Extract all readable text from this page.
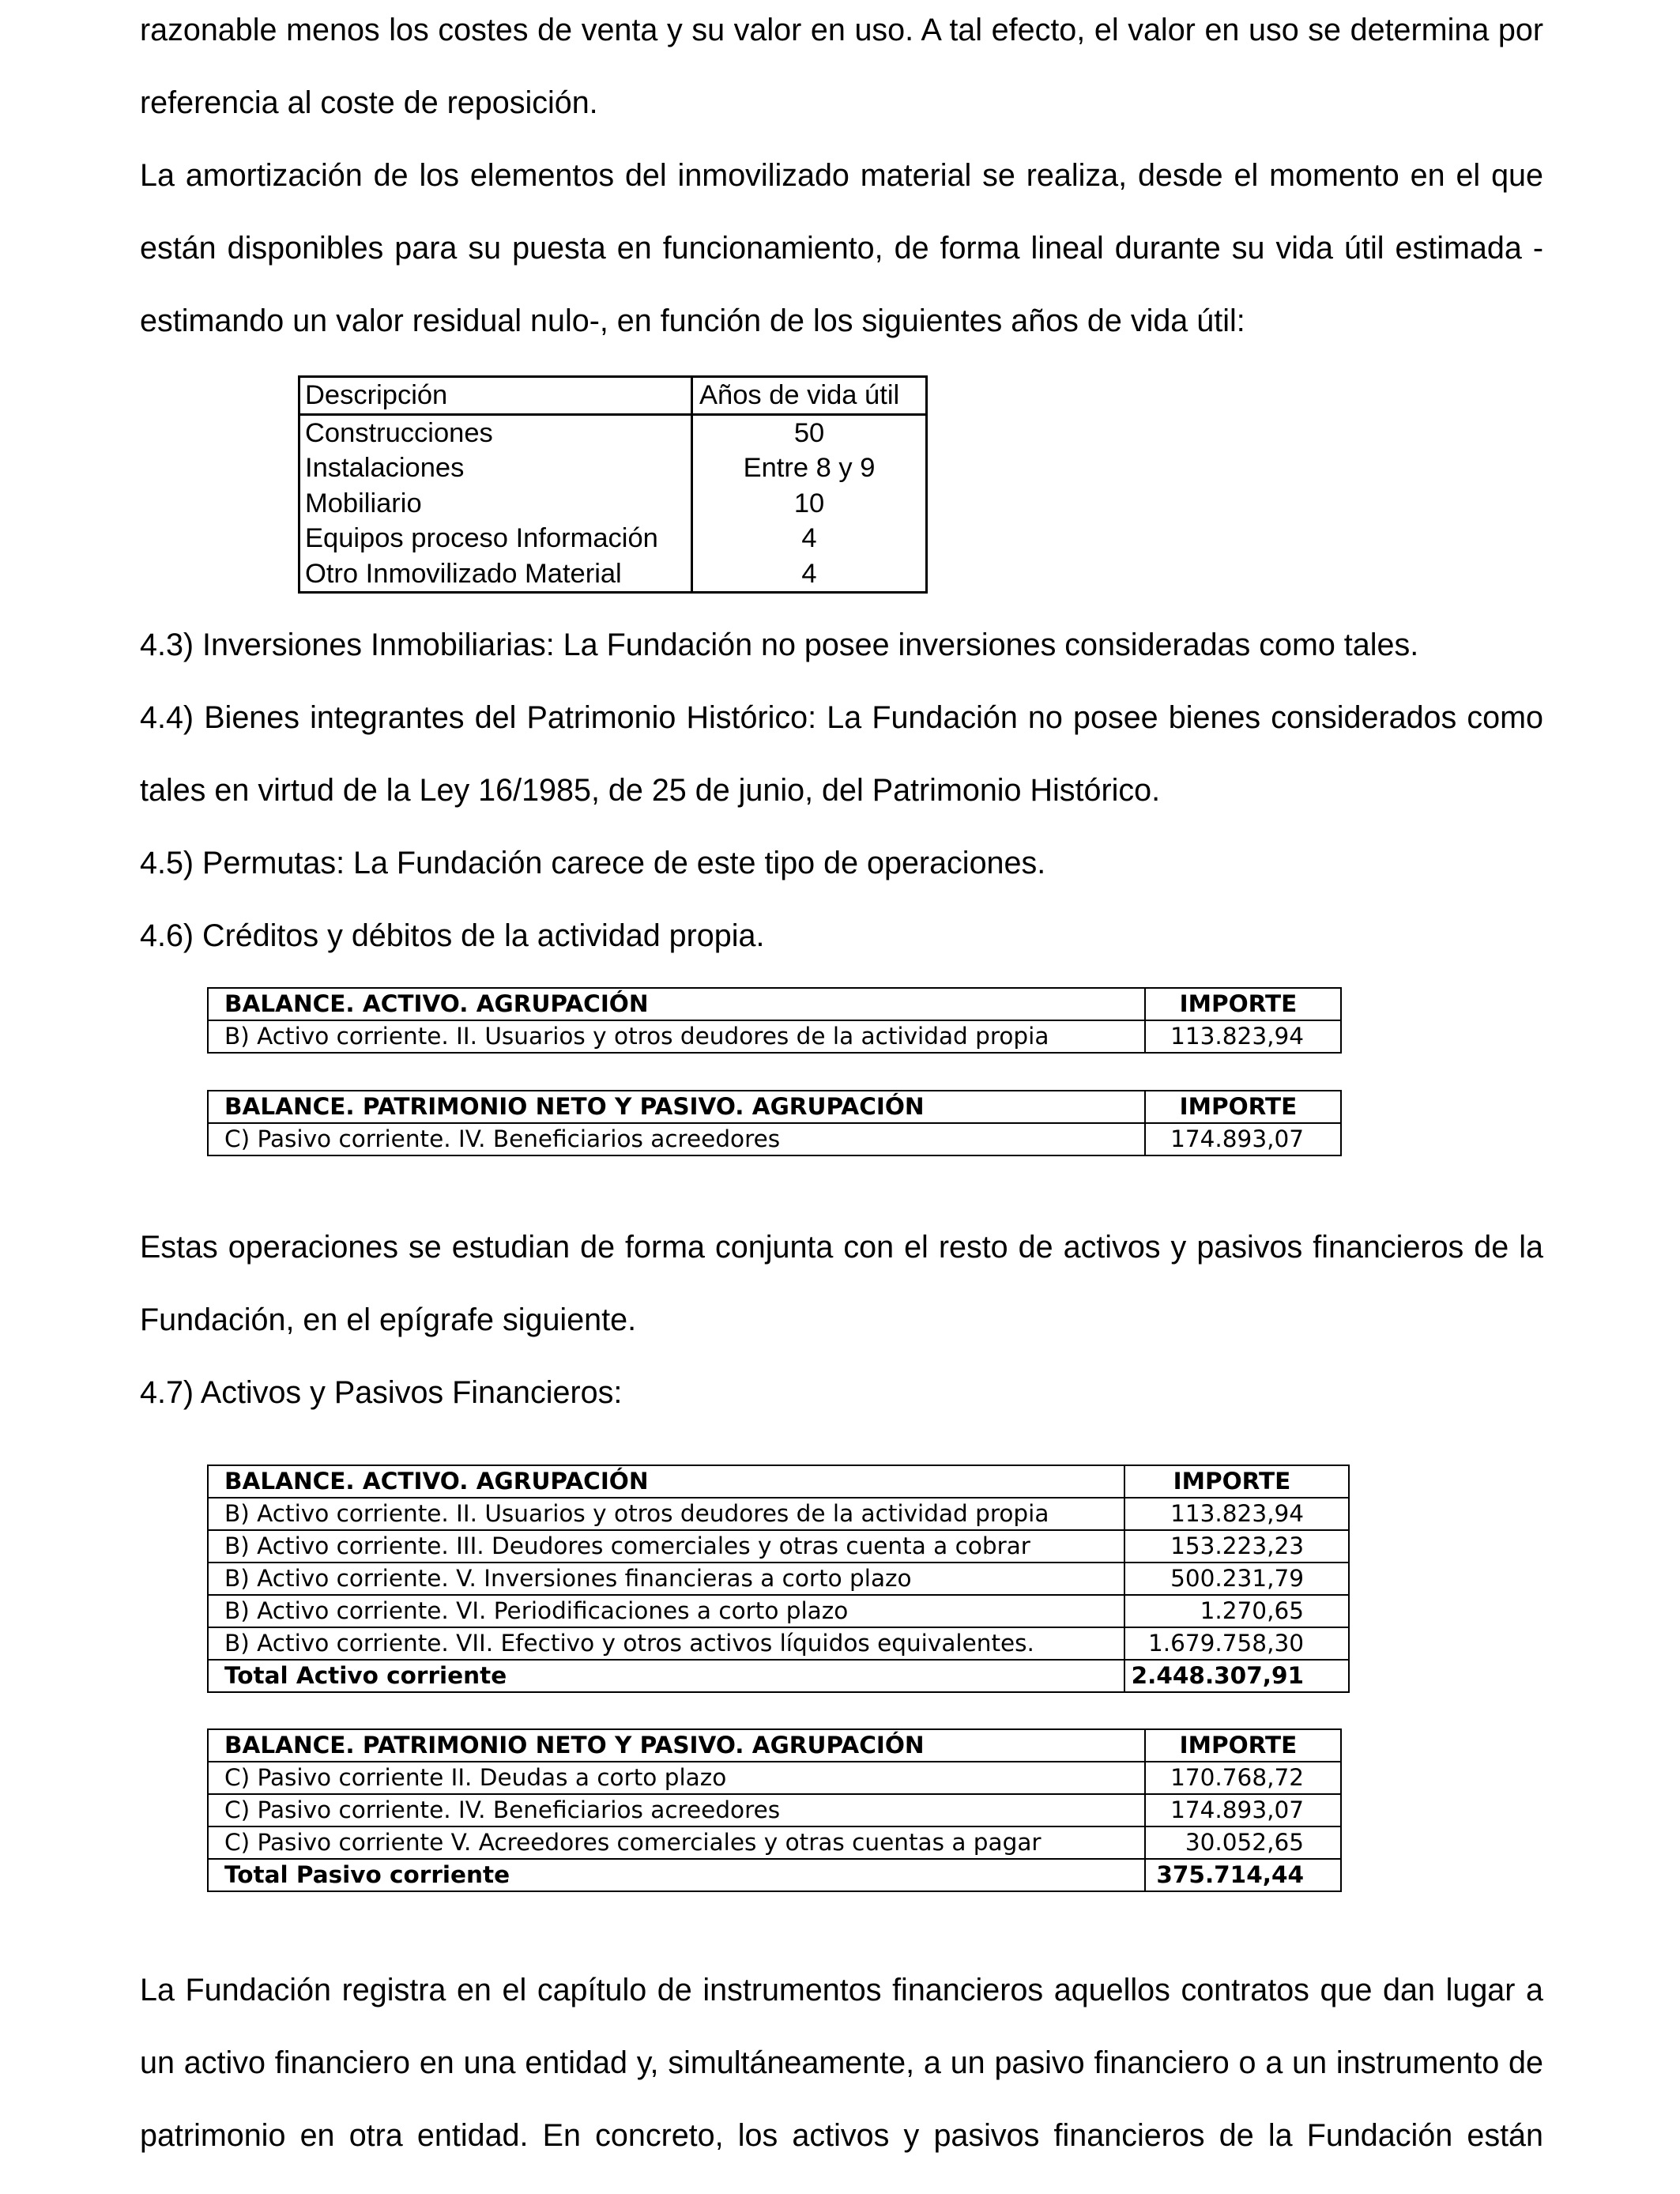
razonable menos los costes de venta y su valor en uso. A tal efecto, el valor en uso se determina por

referencia al coste de reposición.

La amortización de los elementos del inmovilizado material se realiza, desde el momento en el que

están disponibles para su puesta en funcionamiento, de forma lineal durante su vida útil estimada -

estimando un valor residual nulo-, en función de los siguientes años de vida útil:

Descripción	Años de vida útil
Construcciones	50
Instalaciones	Entre 8 y 9
Mobiliario	10
Equipos proceso Información	4
Otro Inmovilizado Material	4

4.3) Inversiones Inmobiliarias: La Fundación no posee inversiones consideradas como tales.

4.4) Bienes integrantes del Patrimonio Histórico: La Fundación no posee bienes considerados como

tales en virtud de la Ley 16/1985, de 25 de junio, del Patrimonio Histórico.

4.5) Permutas: La Fundación carece de este tipo de operaciones.

4.6) Créditos y débitos de la actividad propia.

BALANCE. ACTIVO. AGRUPACIÓN	IMPORTE
B) Activo corriente. II. Usuarios y otros deudores de la actividad propia	113.823,94
BALANCE. PATRIMONIO NETO Y PASIVO. AGRUPACIÓN	IMPORTE
C) Pasivo corriente. IV. Beneficiarios acreedores	174.893,07

Estas operaciones se estudian de forma conjunta con el resto de activos y pasivos financieros de la

Fundación, en el epígrafe siguiente.

4.7) Activos y Pasivos Financieros:

BALANCE. ACTIVO. AGRUPACIÓN	IMPORTE
B) Activo corriente. II. Usuarios y otros deudores de la actividad propia	113.823,94
B) Activo corriente. III. Deudores comerciales y otras cuenta a cobrar	153.223,23
B) Activo corriente. V. Inversiones financieras a corto plazo	500.231,79
B) Activo corriente. VI. Periodificaciones a corto plazo	1.270,65
B) Activo corriente. VII. Efectivo y otros activos líquidos equivalentes.	1.679.758,30
Total Activo corriente	2.448.307,91
BALANCE. PATRIMONIO NETO Y PASIVO. AGRUPACIÓN	IMPORTE
C) Pasivo corriente II. Deudas a corto plazo	170.768,72
C) Pasivo corriente. IV. Beneficiarios acreedores	174.893,07
C) Pasivo corriente V. Acreedores comerciales y otras cuentas a pagar	30.052,65
Total Pasivo corriente	375.714,44

La Fundación registra en el capítulo de instrumentos financieros aquellos contratos que dan lugar a

un activo financiero en una entidad y, simultáneamente, a un pasivo financiero o a un instrumento de

patrimonio en otra entidad. En concreto, los activos y pasivos financieros de la Fundación están
